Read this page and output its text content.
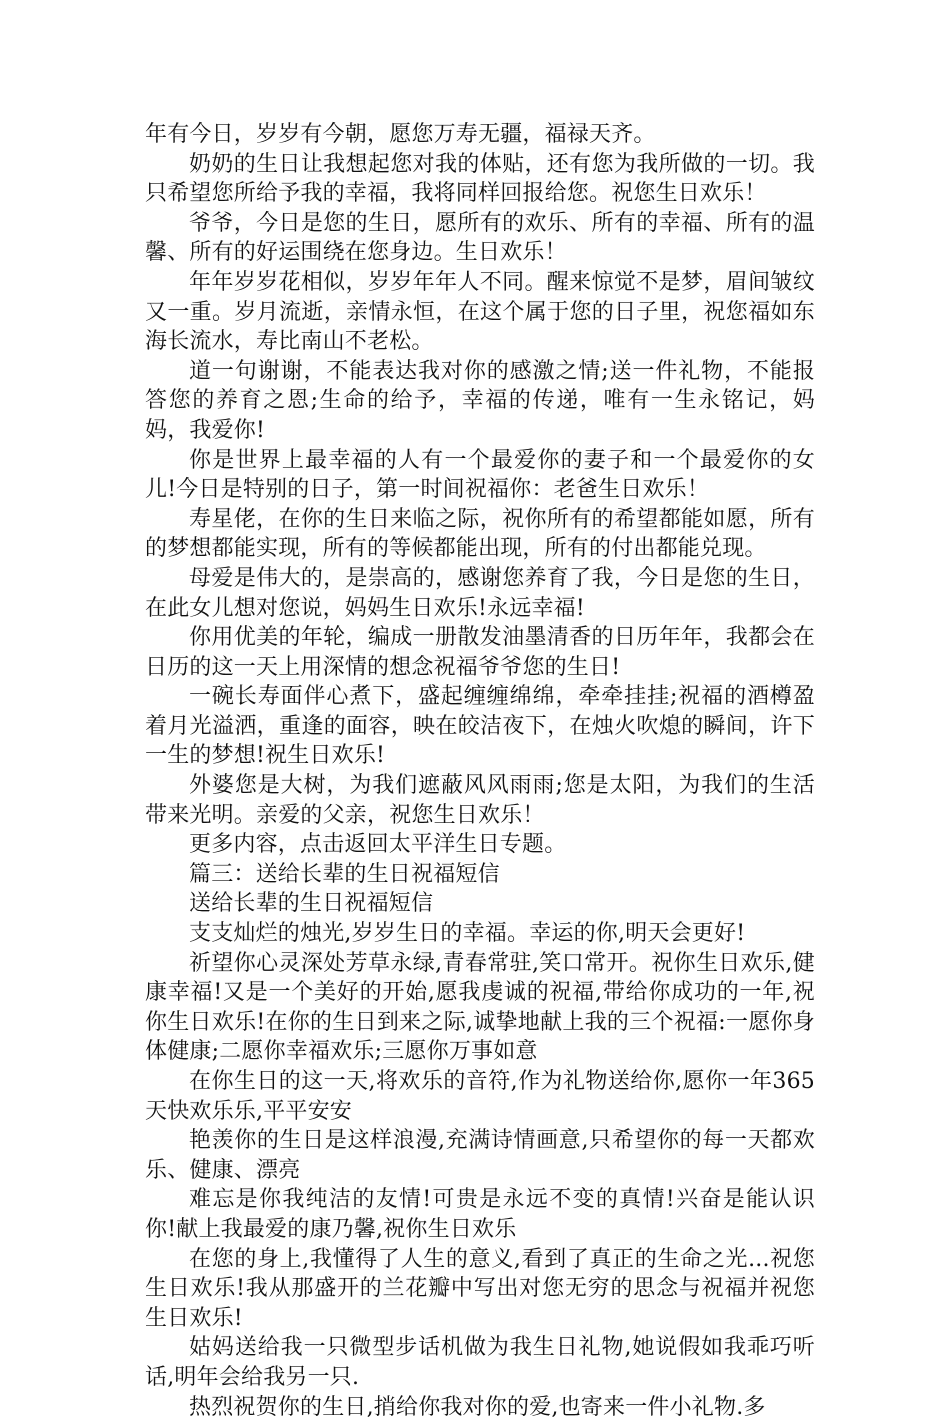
年有今日，岁岁有今朝，愿您万寿无疆，福禄天齐。

奶奶的生日让我想起您对我的体贴，还有您为我所做的一切。我只希望您所给予我的幸福，我将同样回报给您。祝您生日欢乐！

爷爷，今日是您的生日，愿所有的欢乐、所有的幸福、所有的温馨、所有的好运围绕在您身边。生日欢乐！

年年岁岁花相似，岁岁年年人不同。醒来惊觉不是梦，眉间皱纹又一重。岁月流逝，亲情永恒，在这个属于您的日子里，祝您福如东海长流水，寿比南山不老松。

道一句谢谢，不能表达我对你的感激之情;送一件礼物，不能报答您的养育之恩;生命的给予，幸福的传递，唯有一生永铭记，妈妈，我爱你!

你是世界上最幸福的人有一个最爱你的妻子和一个最爱你的女儿!今日是特别的日子，第一时间祝福你：老爸生日欢乐！

寿星佬，在你的生日来临之际，祝你所有的希望都能如愿，所有的梦想都能实现，所有的等候都能出现，所有的付出都能兑现。

母爱是伟大的，是崇高的，感谢您养育了我，今日是您的生日，在此女儿想对您说，妈妈生日欢乐!永远幸福!

你用优美的年轮，编成一册散发油墨清香的日历年年，我都会在日历的这一天上用深情的想念祝福爷爷您的生日!

一碗长寿面伴心煮下，盛起缠缠绵绵，牵牵挂挂;祝福的酒樽盈着月光溢洒，重逢的面容，映在皎洁夜下，在烛火吹熄的瞬间，许下一生的梦想!祝生日欢乐!

外婆您是大树，为我们遮蔽风风雨雨;您是太阳，为我们的生活带来光明。亲爱的父亲，祝您生日欢乐！

更多内容，点击返回太平洋生日专题。

篇三：送给长辈的生日祝福短信

送给长辈的生日祝福短信

支支灿烂的烛光,岁岁生日的幸福。幸运的你,明天会更好!

祈望你心灵深处芳草永绿,青春常驻,笑口常开。祝你生日欢乐,健康幸福!又是一个美好的开始,愿我虔诚的祝福,带给你成功的一年,祝你生日欢乐!在你的生日到来之际,诚挚地献上我的三个祝福:一愿你身体健康;二愿你幸福欢乐;三愿你万事如意

在你生日的这一天,将欢乐的音符,作为礼物送给你,愿你一年365天快欢乐乐,平平安安

艳羡你的生日是这样浪漫,充满诗情画意,只希望你的每一天都欢乐、健康、漂亮

难忘是你我纯洁的友情!可贵是永远不变的真情!兴奋是能认识你!献上我最爱的康乃馨,祝你生日欢乐

在您的身上,我懂得了人生的意义,看到了真正的生命之光...祝您生日欢乐!我从那盛开的兰花瓣中写出对您无穷的思念与祝福并祝您生日欢乐!

姑妈送给我一只微型步话机做为我生日礼物,她说假如我乖巧听话,明年会给我另一只.

热烈祝贺你的生日,捎给你我对你的爱,也寄来一件小礼物.多
